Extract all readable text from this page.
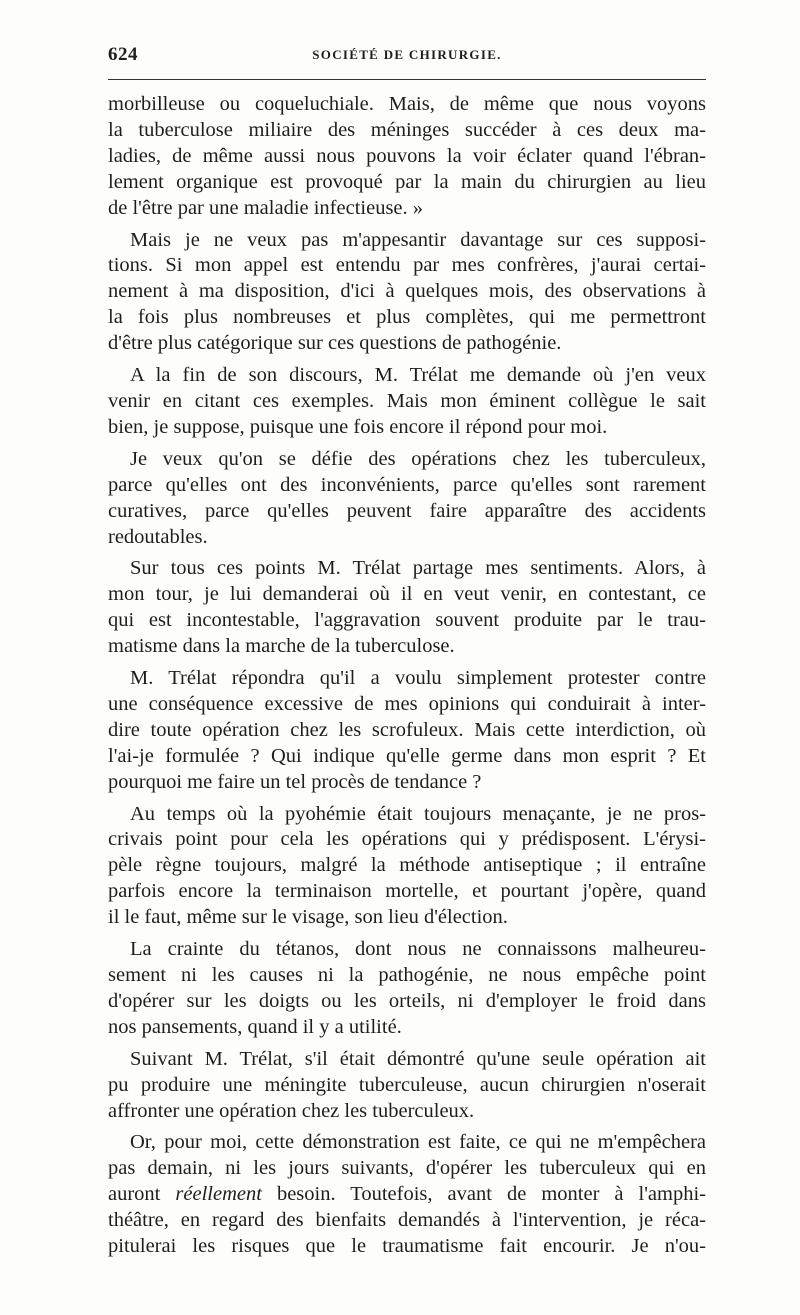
624	SOCIÉTÉ DE CHIRURGIE.
morbilleuse ou coqueluchiale. Mais, de même que nous voyons
la tuberculose miliaire des méninges succéder à ces deux ma-
ladies, de même aussi nous pouvons la voir éclater quand l'ébran-
lement organique est provoqué par la main du chirurgien au lieu
de l'être par une maladie infectieuse. »
Mais je ne veux pas m'appesantir davantage sur ces supposi-
tions. Si mon appel est entendu par mes confrères, j'aurai certai-
nement à ma disposition, d'ici à quelques mois, des observations à
la fois plus nombreuses et plus complètes, qui me permettront
d'être plus catégorique sur ces questions de pathogénie.
A la fin de son discours, M. Trélat me demande où j'en veux
venir en citant ces exemples. Mais mon éminent collègue le sait
bien, je suppose, puisque une fois encore il répond pour moi.
Je veux qu'on se défie des opérations chez les tuberculeux,
parce qu'elles ont des inconvénients, parce qu'elles sont rarement
curatives, parce qu'elles peuvent faire apparaître des accidents
redoutables.
Sur tous ces points M. Trélat partage mes sentiments. Alors, à
mon tour, je lui demanderai où il en veut venir, en contestant, ce
qui est incontestable, l'aggravation souvent produite par le trau-
matisme dans la marche de la tuberculose.
M. Trélat répondra qu'il a voulu simplement protester contre
une conséquence excessive de mes opinions qui conduirait à inter-
dire toute opération chez les scrofuleux. Mais cette interdiction, où
l'ai-je formulée ? Qui indique qu'elle germe dans mon esprit ? Et
pourquoi me faire un tel procès de tendance ?
Au temps où la pyohémie était toujours menaçante, je ne pros-
crivais point pour cela les opérations qui y prédisposent. L'érysi-
pèle règne toujours, malgré la méthode antiseptique ; il entraîne
parfois encore la terminaison mortelle, et pourtant j'opère, quand
il le faut, même sur le visage, son lieu d'élection.
La crainte du tétanos, dont nous ne connaissons malheureu-
sement ni les causes ni la pathogénie, ne nous empêche point
d'opérer sur les doigts ou les orteils, ni d'employer le froid dans
nos pansements, quand il y a utilité.
Suivant M. Trélat, s'il était démontré qu'une seule opération ait
pu produire une méningite tuberculeuse, aucun chirurgien n'oserait
affronter une opération chez les tuberculeux.
Or, pour moi, cette démonstration est faite, ce qui ne m'empêchera
pas demain, ni les jours suivants, d'opérer les tuberculeux qui en
auront réellement besoin. Toutefois, avant de monter à l'amphi-
théâtre, en regard des bienfaits demandés à l'intervention, je réca-
pitulerai les risques que le traumatisme fait encourir. Je n'ou-
